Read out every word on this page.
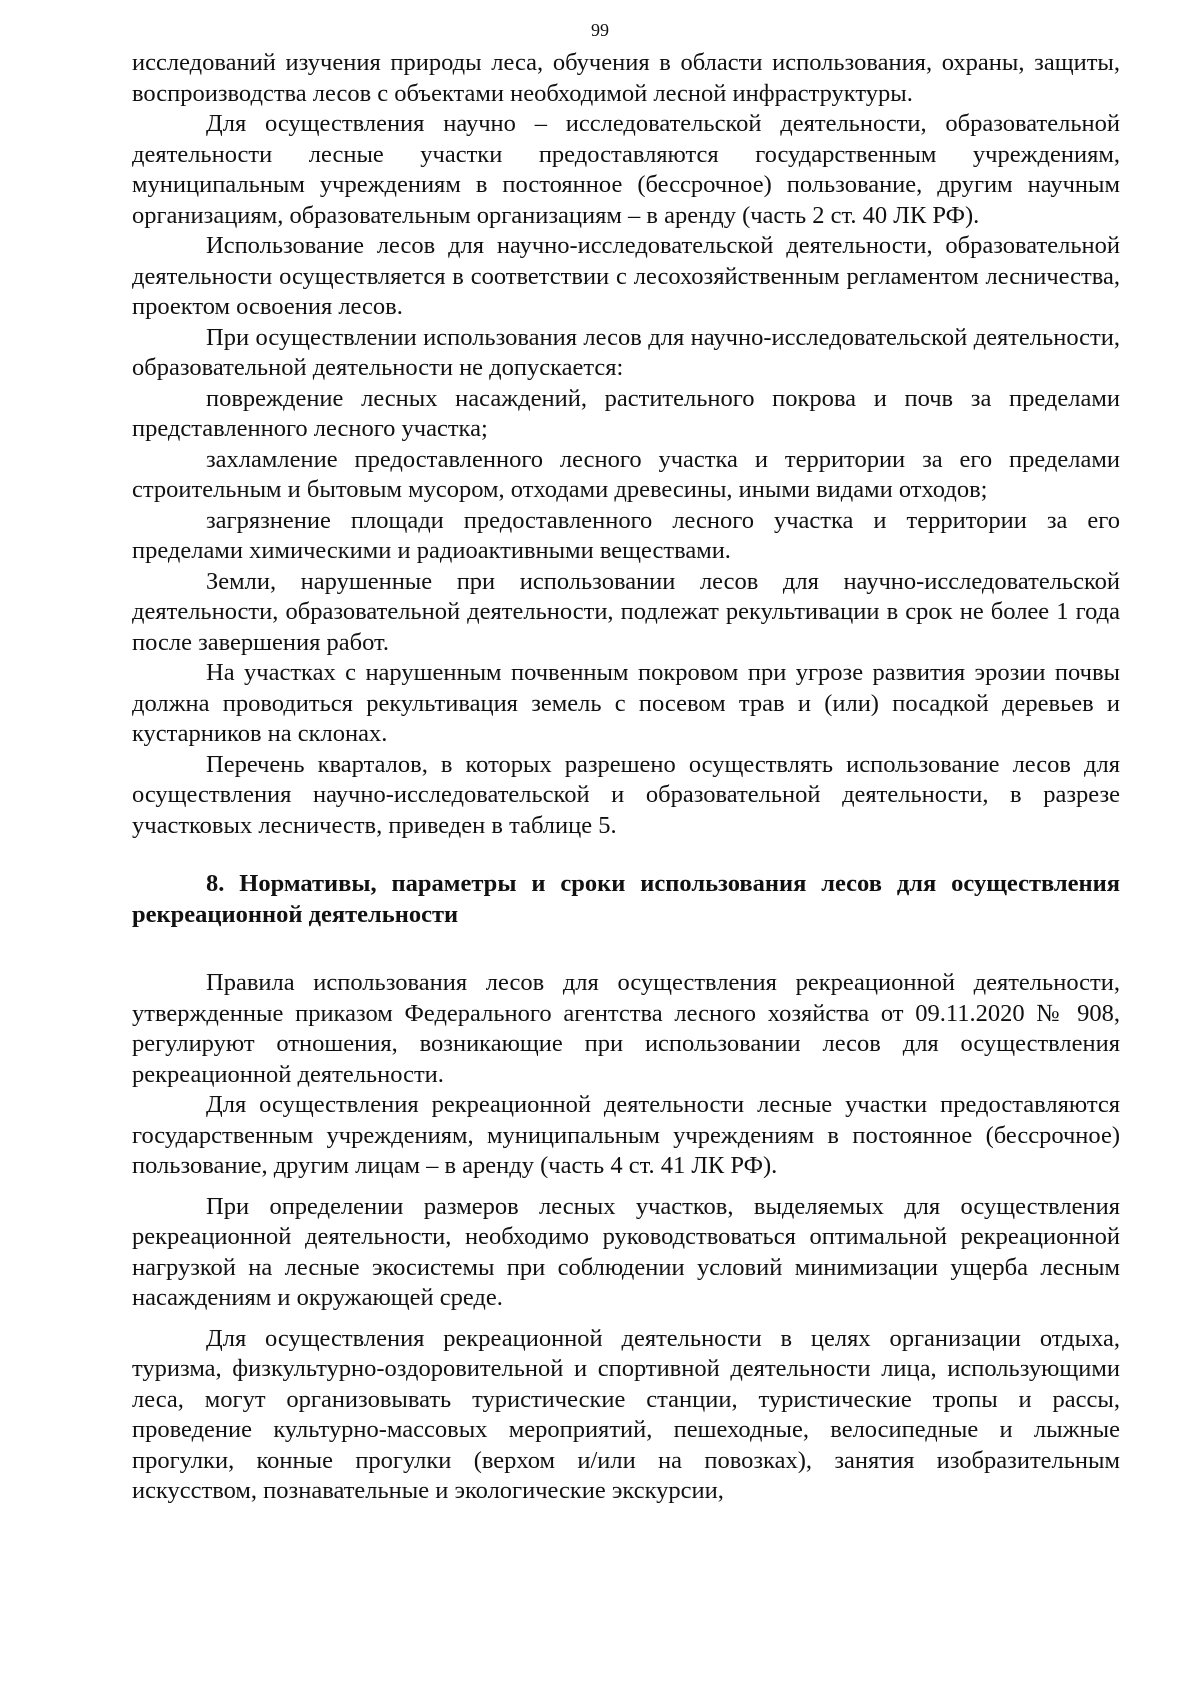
99

исследований изучения природы леса, обучения в области использования, охраны, защиты, воспроизводства лесов с объектами необходимой лесной инфраструктуры.

Для осуществления научно – исследовательской деятельности, образовательной деятельности лесные участки предоставляются государственным учреждениям, муниципальным учреждениям в постоянное (бессрочное) пользование, другим научным организациям, образовательным организациям – в аренду (часть 2 ст. 40 ЛК РФ).

Использование лесов для научно-исследовательской деятельности, образовательной деятельности осуществляется в соответствии с лесохозяйственным регламентом лесничества, проектом освоения лесов.

При осуществлении использования лесов для научно-исследовательской деятельности, образовательной деятельности не допускается:

повреждение лесных насаждений, растительного покрова и почв за пределами представленного лесного участка;

захламление предоставленного лесного участка и территории за его пределами строительным и бытовым мусором, отходами древесины, иными видами отходов;

загрязнение площади предоставленного лесного участка и территории за его пределами химическими и радиоактивными веществами.

Земли, нарушенные при использовании лесов для научно-исследовательской деятельности, образовательной деятельности, подлежат рекультивации в срок не более 1 года после завершения работ.

На участках с нарушенным почвенным покровом при угрозе развития эрозии почвы должна проводиться рекультивация земель с посевом трав и (или) посадкой деревьев и кустарников на склонах.

Перечень кварталов, в которых разрешено осуществлять использование лесов для осуществления научно-исследовательской и образовательной деятельности, в разрезе участковых лесничеств, приведен в таблице 5.

8. Нормативы, параметры и сроки использования лесов для осуществления рекреационной деятельности

Правила использования лесов для осуществления рекреационной деятельности, утвержденные приказом Федерального агентства лесного хозяйства от 09.11.2020 № 908, регулируют отношения, возникающие при использовании лесов для осуществления рекреационной деятельности.

Для осуществления рекреационной деятельности лесные участки предоставляются государственным учреждениям, муниципальным учреждениям в постоянное (бессрочное) пользование, другим лицам – в аренду (часть 4 ст. 41 ЛК РФ).

При определении размеров лесных участков, выделяемых для осуществления рекреационной деятельности, необходимо руководствоваться оптимальной рекреационной нагрузкой на лесные экосистемы при соблюдении условий минимизации ущерба лесным насаждениям и окружающей среде.

Для осуществления рекреационной деятельности в целях организации отдыха, туризма, физкультурно-оздоровительной и спортивной деятельности лица, использующими леса, могут организовывать туристические станции, туристические тропы и рассы, проведение культурно-массовых мероприятий, пешеходные, велосипедные и лыжные прогулки, конные прогулки (верхом и/или на повозках), занятия изобразительным искусством, познавательные и экологические экскурсии,
